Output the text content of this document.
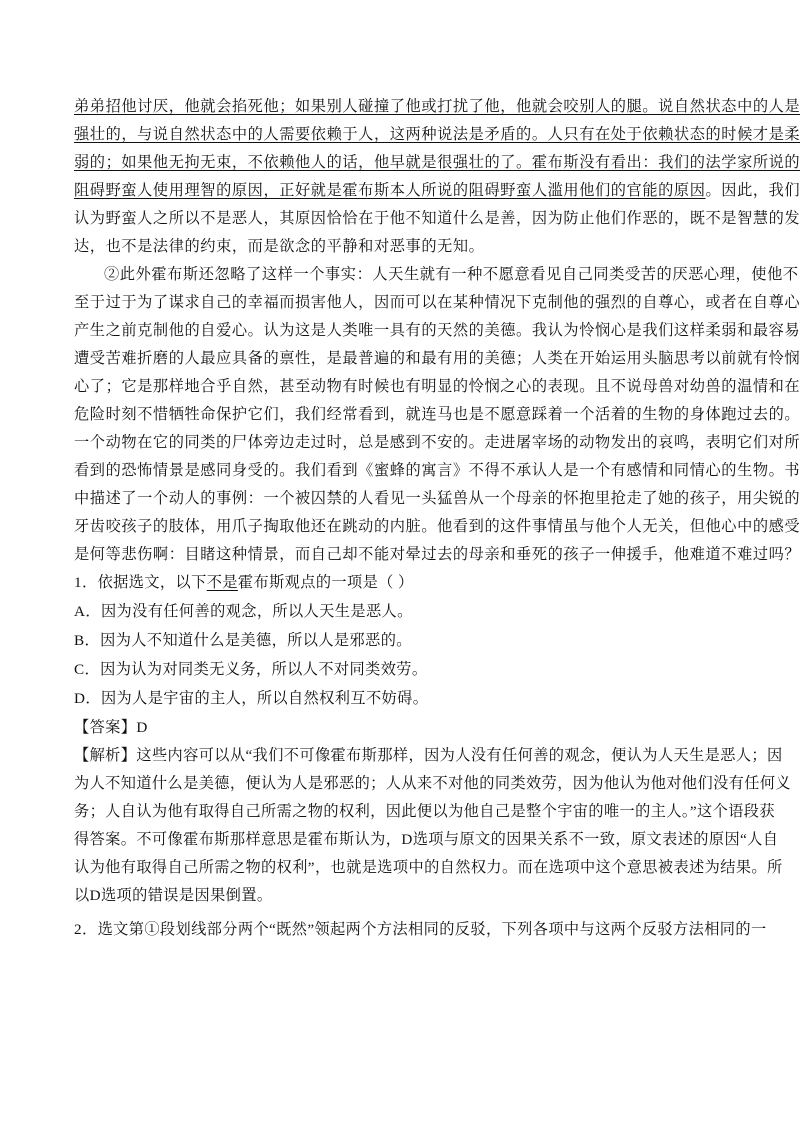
弟弟招他讨厌，他就会掐死他；如果别人碰撞了他或打扰了他，他就会咬别人的腿。说自然状态中的人是
强壮的，与说自然状态中的人需要依赖于人，这两种说法是矛盾的。人只有在处于依赖状态的时候才是柔
弱的；如果他无拘无束，不依赖他人的话，他早就是很强壮的了。霍布斯没有看出：我们的法学家所说的
阻碍野蛮人使用理智的原因，正好就是霍布斯本人所说的阻碍野蛮人滥用他们的官能的原因。因此，我们
认为野蛮人之所以不是恶人，其原因恰恰在于他不知道什么是善，因为防止他们作恶的，既不是智慧的发
达，也不是法律的约束，而是欲念的平静和对恶事的无知。
②此外霍布斯还忽略了这样一个事实：人天生就有一种不愿意看见自己同类受苦的厌恶心理，使他不
至于过于为了谋求自己的幸福而损害他人，因而可以在某种情况下克制他的强烈的自尊心，或者在自尊心
产生之前克制他的自爱心。认为这是人类唯一具有的天然的美德。我认为怜悯心是我们这样柔弱和最容易
遭受苦难折磨的人最应具备的禀性，是最普遍的和最有用的美德；人类在开始运用头脑思考以前就有怜悯
心了；它是那样地合乎自然，甚至动物有时候也有明显的怜悯之心的表现。且不说母兽对幼兽的温情和在
危险时刻不惜牺牲命保护它们，我们经常看到，就连马也是不愿意踩着一个活着的生物的身体跑过去的。
一个动物在它的同类的尸体旁边走过时，总是感到不安的。走进屠宰场的动物发出的哀鸣，表明它们对所
看到的恐怖情景是感同身受的。我们看到《蜜蜂的寓言》不得不承认人是一个有感情和同情心的生物。书
中描述了一个动人的事例：一个被囚禁的人看见一头猛兽从一个母亲的怀抱里抢走了她的孩子，用尖锐的
牙齿咬孩子的肢体，用爪子掏取他还在跳动的内脏。他看到的这件事情虽与他个人无关，但他心中的感受
是何等悲伤啊：目睹这种情景，而自己却不能对晕过去的母亲和垂死的孩子一伸援手，他难道不难过吗？
1．依据选文，以下不是霍布斯观点的一项是（ ）
A．因为没有任何善的观念，所以人天生是恶人。
B．因为人不知道什么是美德，所以人是邪恶的。
C．因为认为对同类无义务，所以人不对同类效劳。
D．因为人是宇宙的主人，所以自然权利互不妨碍。
【答案】D
【解析】这些内容可以从“我们不可像霍布斯那样，因为人没有任何善的观念，便认为人天生是恶人；因
为人不知道什么是美德，便认为人是邪恶的；人从来不对他的同类效劳，因为他认为他对他们没有任何义
务；人自认为他有取得自己所需之物的权利，因此便以为他自己是整个宇宙的唯一的主人。”这个语段获
得答案。不可像霍布斯那样意思是霍布斯认为，D选项与原文的因果关系不一致，原文表述的原因“人自
认为他有取得自己所需之物的权利”，也就是选项中的自然权力。而在选项中这个意思被表述为结果。所
以D选项的错误是因果倒置。
2．选文第①段划线部分两个“既然”领起两个方法相同的反驳，下列各项中与这两个反驳方法相同的一
